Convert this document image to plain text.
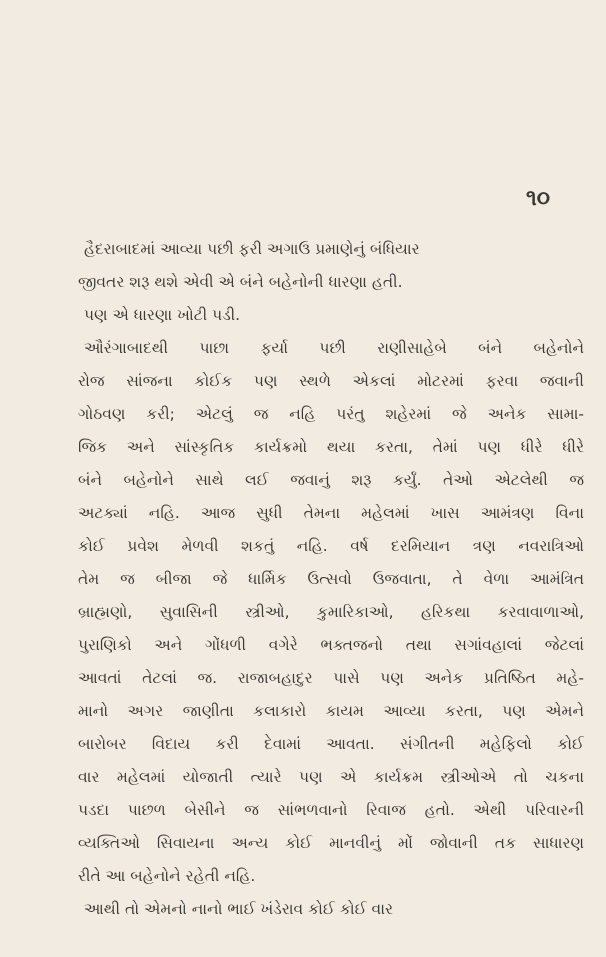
૧૦
હૈદરાબાદમાં આવ્યા પછી ફરી અગાઉ પ્રમાણેનું બંધિયાર
જીવતર શરૂ થશે એવી એ બંને બહેનોની ધારણા હતી.
પણ એ ધારણા ખોટી પડી.
ઔરંગાબાદથી પાછા ફર્યા પછી રાણીસાહેબે બંને બહેનોને
રોજ સાંજના કોઈક પણ સ્થળે એકલાં મોટરમાં ફરવા જવાની
ગોઠવણ કરી; એટલું જ નહિ પરંતુ શહેરમાં જે અનેક સામા-
જિક અને સાંસ્કૃતિક કાર્યક્રમો થયા કરતા, તેમાં પણ ધીરે ધીરે
બંને બહેનોને સાથે લઈ જવાનું શરૂ કર્યું. તેઓ એટલેથી જ
અટક્યાં નહિ. આજ સુધી તેમના મહેલમાં ખાસ આમંત્રણ વિના
કોઈ પ્રવેશ મેળવી શકતું નહિ. વર્ષ દરમિયાન ત્રણ નવરાત્રિઓ
તેમ જ બીજા જે ધાર્મિક ઉત્સવો ઉજવાતા, તે વેળા આમંત્રિત
બ્રાહ્મણો, સુવાસિની સ્ત્રીઓ, કુમારિકાઓ, હરિકથા કરવાવાળાઓ,
પુરાણિકો અને ગોંધળી વગેરે ભક્તજનો તથા સગાંવહાલાં જેટલાં
આવતાં તેટલાં જ. રાજાબહાદુર પાસે પણ અનેક પ્રતિષ્ઠિત મહે-
માનો અગર જાણીતા કલાકારો કાયમ આવ્યા કરતા, પણ એમને
બારોબર વિદાય કરી દેવામાં આવતા. સંગીતની મહેફિલો કોઈ
વાર મહેલમાં યોજાતી ત્યારે પણ એ કાર્યક્રમ સ્ત્રીઓએ તો ચકના
પડદા પાછળ બેસીને જ સાંભળવાનો રિવાજ હતો. એથી પરિવારની
વ્યક્તિઓ સિવાયના અન્ય કોઈ માનવીનું મોં જોવાની તક સાધારણ
રીતે આ બહેનોને રહેતી નહિ.
આથી તો એમનો નાનો ભાઈ ખંડેરાવ કોઈ કોઈ વાર
